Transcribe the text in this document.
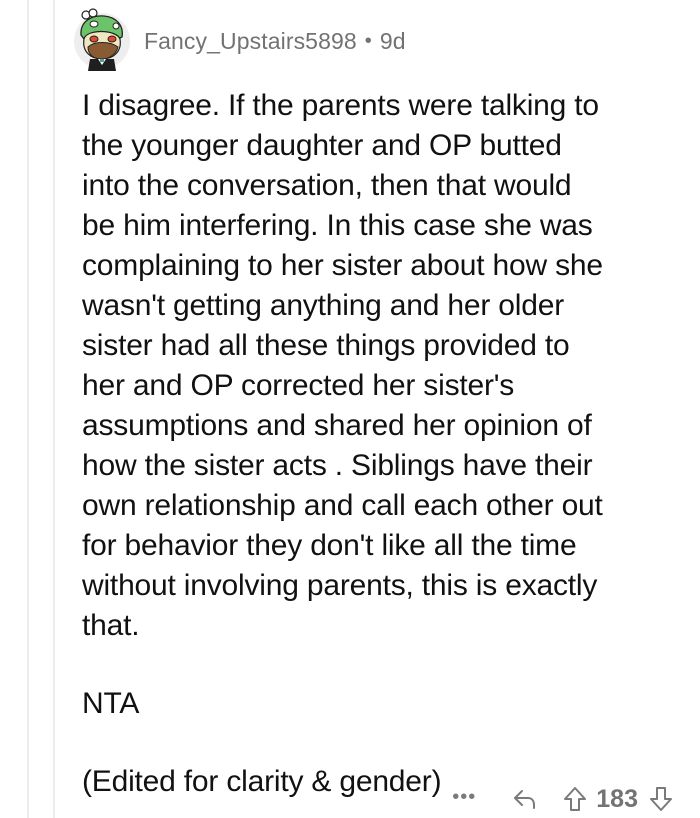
Fancy_Upstairs5898 • 9d

I disagree. If the parents were talking to
the younger daughter and OP butted
into the conversation, then that would
be him interfering. In this case she was
complaining to her sister about how she
wasn't getting anything and her older
sister had all these things provided to
her and OP corrected her sister's
assumptions and shared her opinion of
how the sister acts . Siblings have their
own relationship and call each other out
for behavior they don't like all the time
without involving parents, this is exactly
that.

NTA

(Edited for clarity & gender) •••	183
